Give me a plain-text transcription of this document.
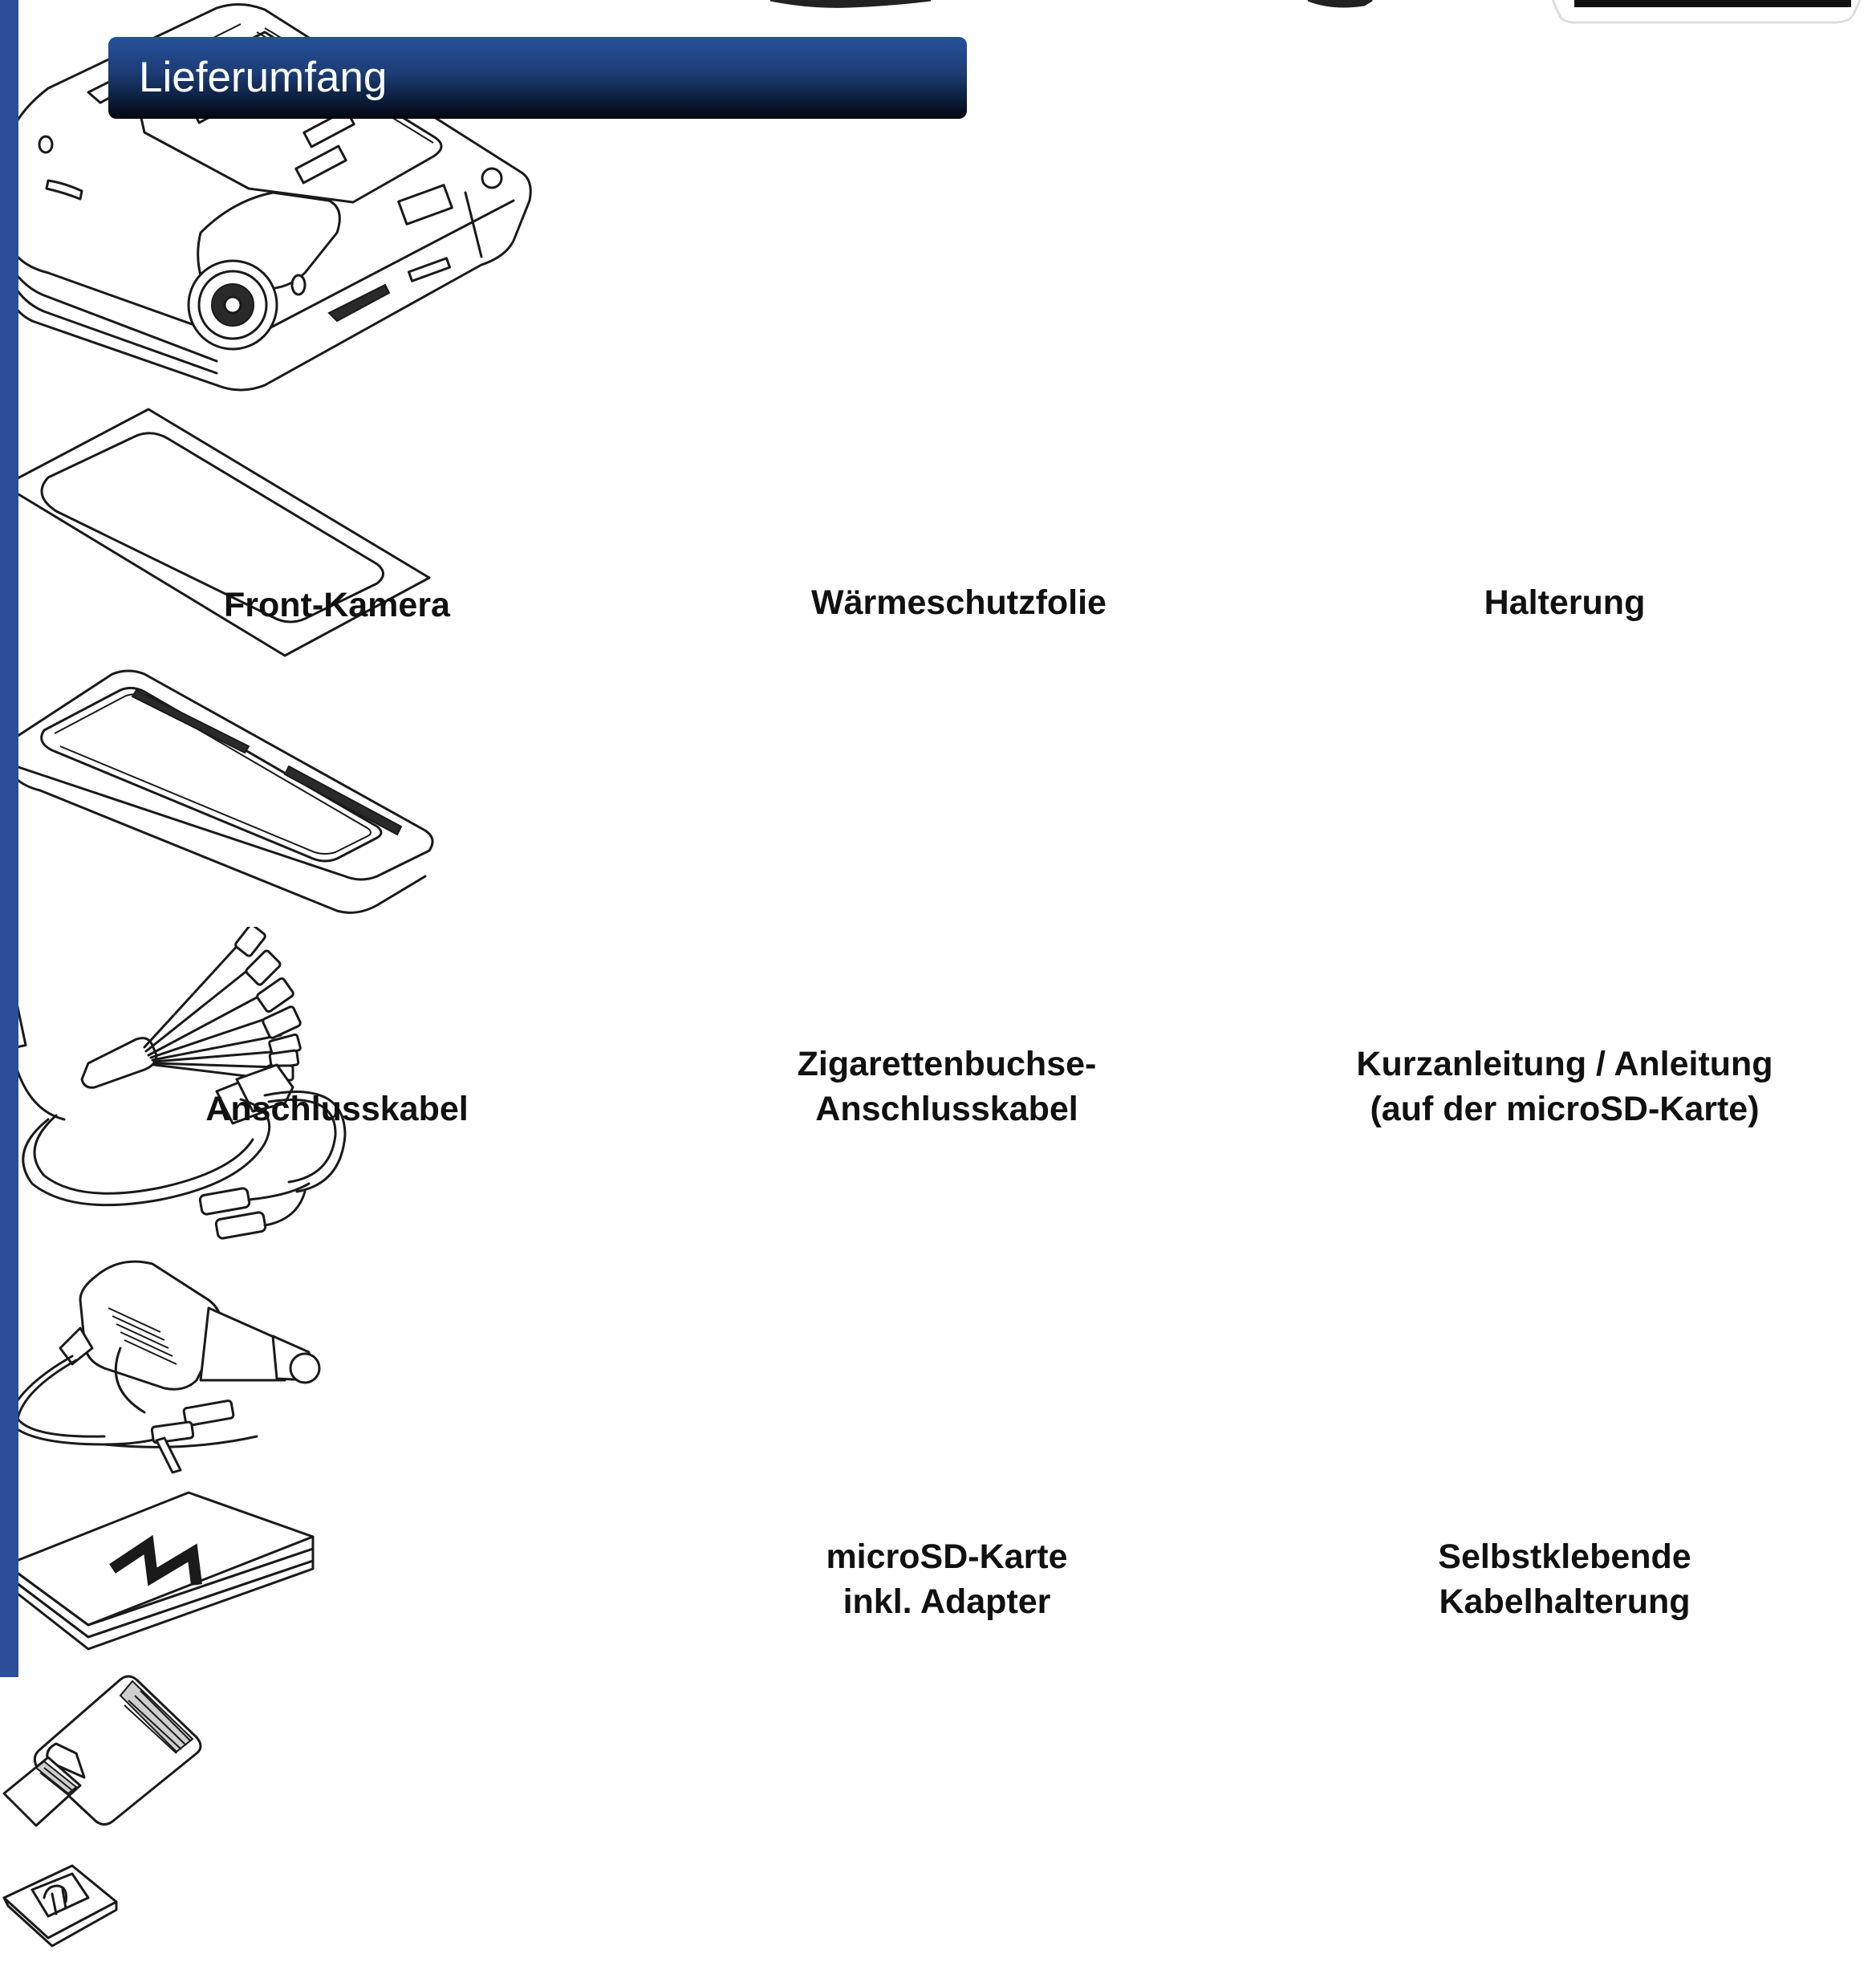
Lieferumfang
Front-Kamera	Wärmeschutzfolie	Halterung
Anschlusskabel
Zigarettenbuchse-
Anschlusskabel
Kurzanleitung / Anleitung
(auf der microSD-Karte)
microSD-Karte
inkl. Adapter
Selbstklebende
Kabelhalterung
